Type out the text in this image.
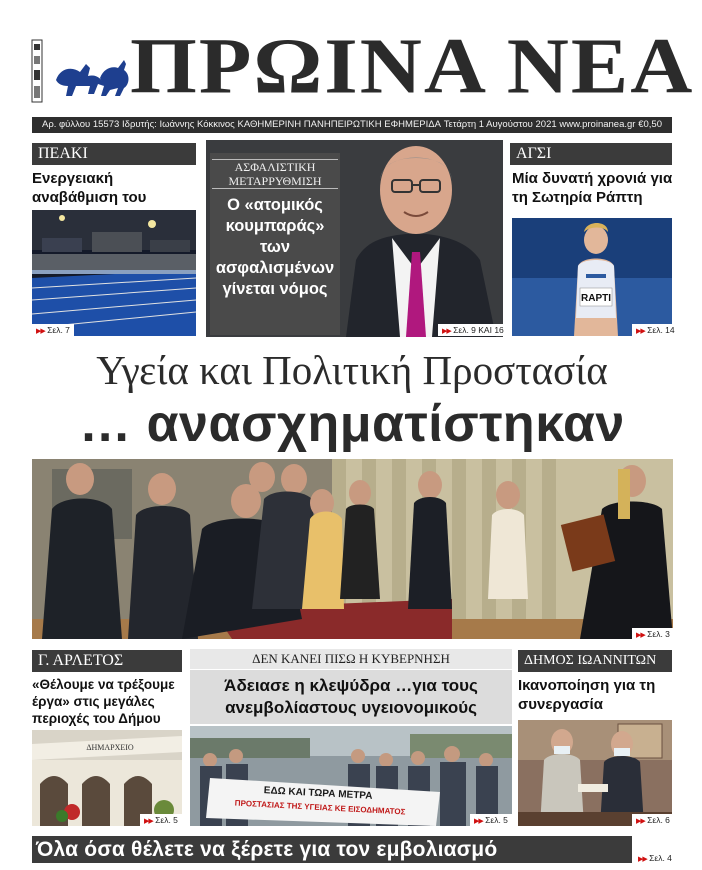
ΠΡΩΙΝΑ ΝΕΑ
Αρ. φύλλου 15573 Ιδρυτής: Ιωάννης Κόκκινος ΚΑΘΗΜΕΡΙΝΗ ΠΑΝΗΠΕΙΡΩΤΙΚΗ ΕΦΗΜΕΡΙΔΑ Τετάρτη 1 Αυγούστου 2021 www.proinanea.gr €0,50
ΠΕΑΚΙ
Ενεργειακή αναβάθμιση του
▶▶ Σελ. 7
ΑΣΦΑΛΙΣΤΙΚΗ ΜΕΤΑΡΡΥΘΜΙΣΗ
Ο «ατομικός κουμπαράς» των ασφαλισμένων γίνεται νόμος
▶▶ Σελ. 9 ΚΑΙ 16
ΑΓΣΙ
Μία δυνατή χρονιά για τη Σωτηρία Ράπτη
RAPTI
▶▶ Σελ. 14
Υγεία και Πολιτική Προστασία
… ανασχηματίστηκαν
▶▶ Σελ. 3
Γ. ΑΡΛΕΤΟΣ
«Θέλουμε να τρέξουμε έργα» στις μεγάλες περιοχές του Δήμου
ΔΗΜΑΡΧΕΙΟ
▶▶ Σελ. 5
ΔΕΝ ΚΑΝΕΙ ΠΙΣΩ Η ΚΥΒΕΡΝΗΣΗ
Άδειασε η κλεψύδρα …για τους ανεμβολίαστους υγειονομικούς
ΕΔΩ ΚΑΙ ΤΩΡΑ ΜΕΤΡΑ
ΠΡΟΣΤΑΣΙΑΣ ΤΗΣ ΥΓΕΙΑΣ ΚΕ ΕΙΣΟΔΗΜΑΤΟΣ
▶▶ Σελ. 5
ΔΗΜΟΣ ΙΩΑΝΝΙΤΩΝ
Ικανοποίηση για τη συνεργασία
▶▶ Σελ. 6
Όλα όσα θέλετε να ξέρετε για τον εμβολιασμό	▶▶ Σελ. 4
